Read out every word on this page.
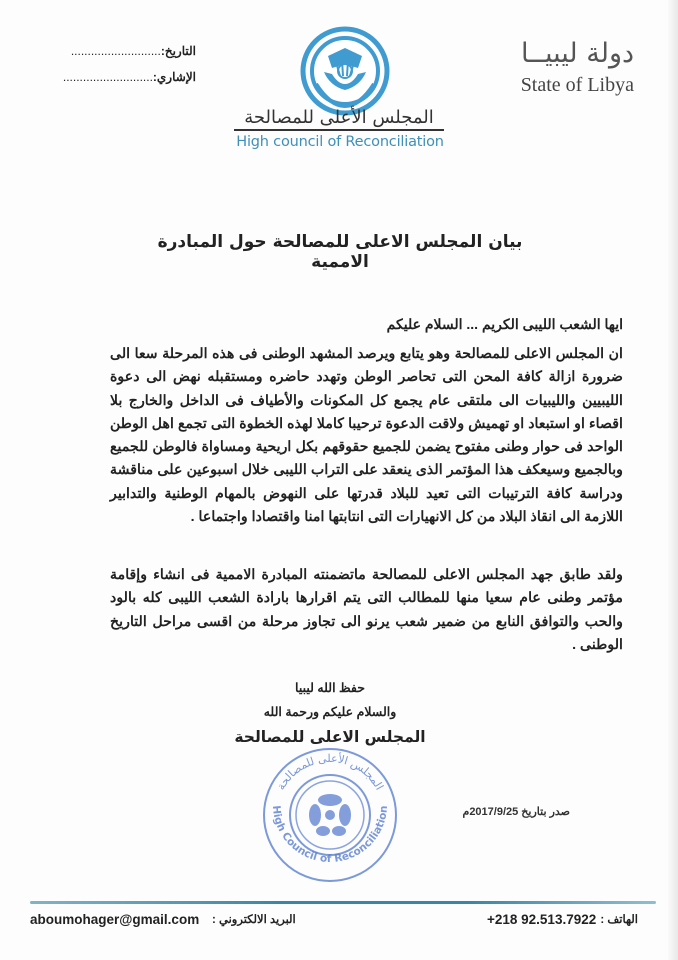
دولة ليبيــا
State of Libya
التاريخ:...........................
الإشاري:...........................
المجلس الأعلى للمصالحة
High council of Reconciliation
بيان المجلس الاعلى للمصالحة حول المبادرة الاممية
ايها الشعب الليبى الكريم ... السلام عليكم
ان المجلس الاعلى للمصالحة وهو يتابع ويرصد المشهد الوطنى فى هذه المرحلة سعا الى ضرورة ازالة كافة المحن التى تحاصر الوطن وتهدد حاضره ومستقبله نهض الى دعوة الليبيين والليبيات الى ملتقى عام يجمع كل المكونات والأطياف فى الداخل والخارج بلا اقصاء او استبعاد او تهميش ولاقت الدعوة ترحيبا كاملا لهذه الخطوة التى تجمع اهل الوطن الواحد فى حوار وطنى مفتوح يضمن للجميع حقوقهم بكل اريحية ومساواة فالوطن للجميع وبالجميع وسيعكف هذا المؤتمر الذى ينعقد على التراب الليبى خلال اسبوعين على مناقشة ودراسة كافة الترتيبات التى تعيد للبلاد قدرتها على النهوض بالمهام الوطنية والتدابير اللازمة الى انقاذ البلاد من كل الانهيارات التى انتابتها امنا واقتصادا واجتماعا .
ولقد طابق جهد المجلس الاعلى للمصالحة ماتضمنته المبادرة الاممية فى انشاء وإقامة مؤتمر وطنى عام سعيا منها للمطالب التى يتم اقرارها بارادة الشعب الليبى كله بالود والحب والتوافق النابع من ضمير شعب يرنو الى تجاوز مرحلة من اقسى مراحل التاريخ الوطنى .
حفظ الله ليبيا
والسلام عليكم ورحمة الله
المجلس الاعلى للمصالحة
المجلس الأعلى للمصالحة
High Council of Reconciliation	صدر بتاريخ 2017/9/25م
aboumohager@gmail.com البريد الالكتروني :	+218 92.513.7922 الهاتف :
